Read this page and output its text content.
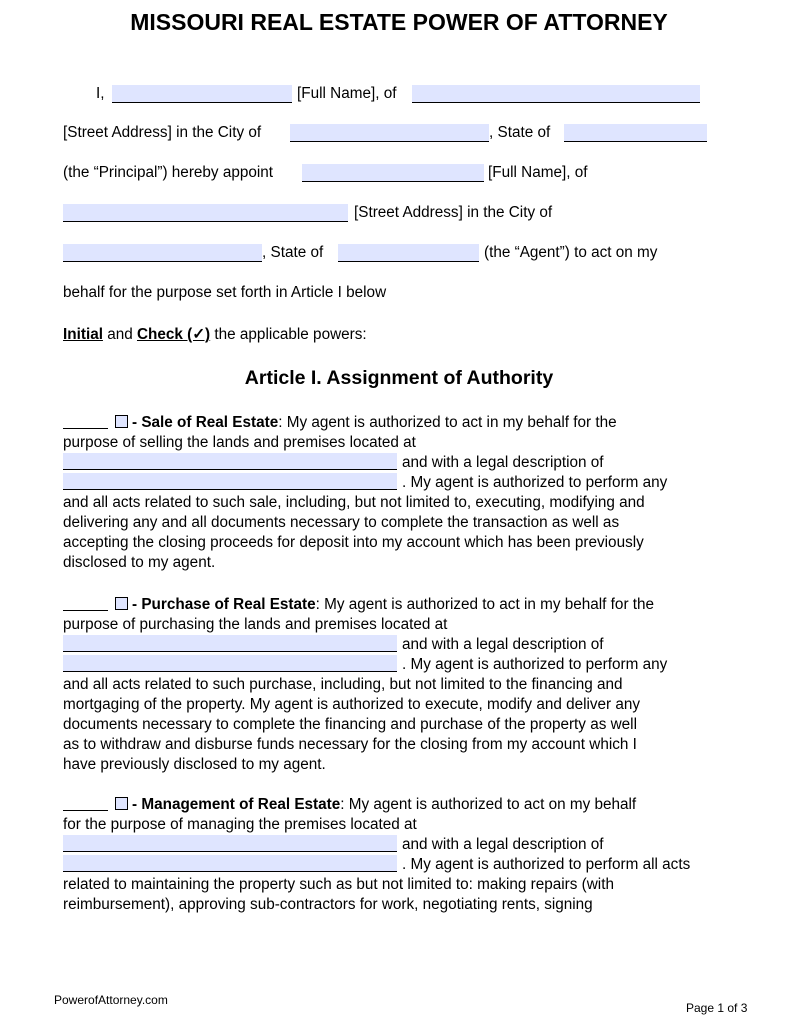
MISSOURI REAL ESTATE POWER OF ATTORNEY
I,	[Full Name], of
[Street Address] in the City of	, State of
(the “Principal”) hereby appoint	[Full Name], of
[Street Address] in the City of
, State of	(the “Agent”) to act on my
behalf for the purpose set forth in Article I below
Initial and Check (✓) the applicable powers:
Article I. Assignment of Authority
- Sale of Real Estate: My agent is authorized to act in my behalf for the
purpose of selling the lands and premises located at
and with a legal description of
. My agent is authorized to perform any
and all acts related to such sale, including, but not limited to, executing, modifying and
delivering any and all documents necessary to complete the transaction as well as
accepting the closing proceeds for deposit into my account which has been previously
disclosed to my agent.
- Purchase of Real Estate: My agent is authorized to act in my behalf for the
purpose of purchasing the lands and premises located at
and with a legal description of
. My agent is authorized to perform any
and all acts related to such purchase, including, but not limited to the financing and
mortgaging of the property. My agent is authorized to execute, modify and deliver any
documents necessary to complete the financing and purchase of the property as well
as to withdraw and disburse funds necessary for the closing from my account which I
have previously disclosed to my agent.
- Management of Real Estate: My agent is authorized to act on my behalf
for the purpose of managing the premises located at
and with a legal description of
. My agent is authorized to perform all acts
related to maintaining the property such as but not limited to: making repairs (with
reimbursement), approving sub-contractors for work, negotiating rents, signing
PowerofAttorney.com
Page 1 of 3
